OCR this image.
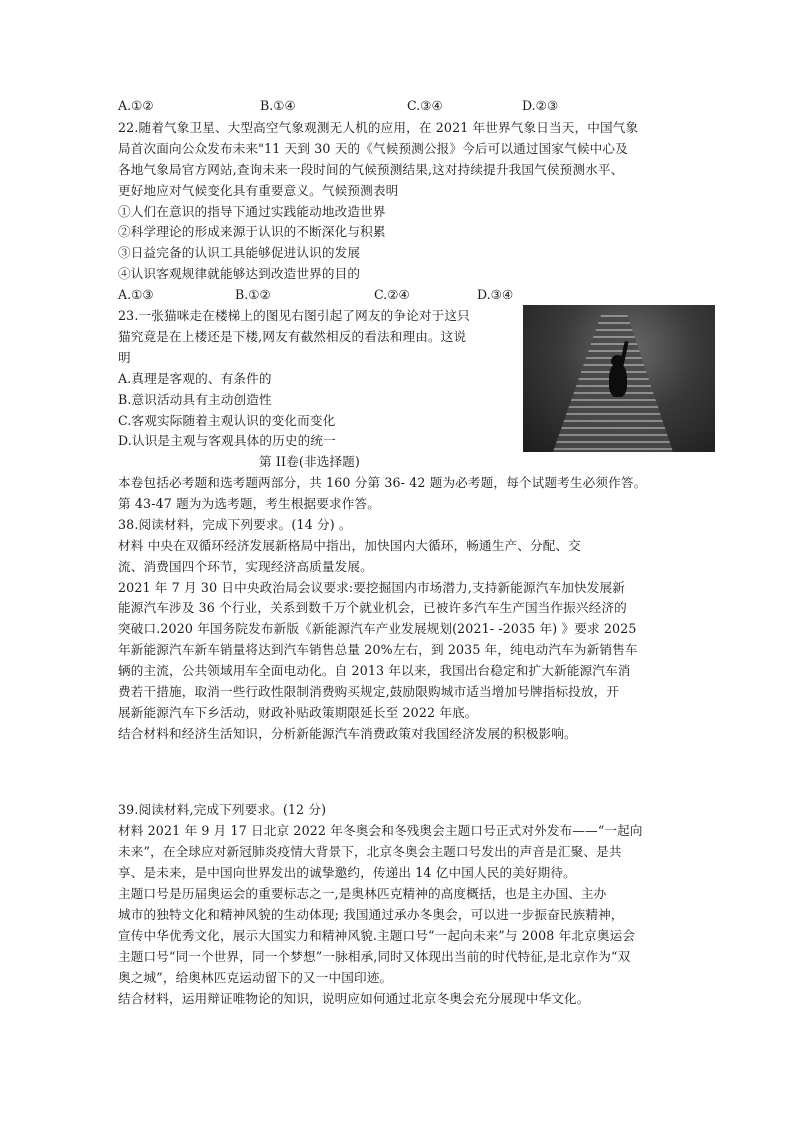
A.①②	B.①④	C.③④	D.②③
22.随着气象卫星、大型高空气象观测无人机的应用，在 2021 年世界气象日当天，中国气象
局首次面向公众发布未来"11 天到 30 天的《气候预测公报》今后可以通过国家气候中心及
各地气象局官方网站,查询未来一段时间的气候预测结果,这对持续提升我国气侯预测水平、
更好地应对气候变化具有重要意义。气候预测表明
①人们在意识的指导下通过实践能动地改造世界
②科学理论的形成来源于认识的不断深化与积累
③日益完备的认识工具能够促进认识的发展
④认识客观规律就能够达到改造世界的目的
A.①③	B.①②	C.②④	D.③④
23.一张猫咪走在楼梯上的图见右图引起了网友的争论对于这只
猫究竟是在上楼还是下楼,网友有截然相反的看法和理由。这说
明
A.真理是客观的、有条件的
B.意识活动具有主动创造性
C.客观实际随着主观认识的变化而变化
D.认识是主观与客观具体的历史的统一
第 II卷(非选择题)
本卷包括必考题和选考题两部分，共 160 分第 36- 42 题为必考题，每个试题考生必须作答。
第 43-47 题为为选考题，考生根据要求作答。
38.阅读材料，完成下列要求。(14 分) 。
材料 中央在双循环经济发展新格局中指出，加快国内大循环，畅通生产、分配、交
流、消费国四个环节，实现经济高质量发展。
2021 年 7 月 30 日中央政治局会议要求:要挖掘国内市场潜力,支持新能源汽车加快发展新
能源汽车涉及 36 个行业，关系到数千万个就业机会，已被许多汽车生产国当作振兴经济的
突破口.2020 年国务院发布新版《新能源汽车产业发展规划(2021- -2035 年) 》要求 2025
年新能源汽车新车销量将达到汽车销售总量 20%左右，到 2035 年，纯电动汽车为新销售车
辆的主流，公共领域用车全面电动化。自 2013 年以来，我国出台稳定和扩大新能源汽车消
费若干措施，取消一些行政性限制消费购买规定,鼓励限购城市适当增加号牌指标投放，开
展新能源汽车下乡活动，财政补贴政策期限延长至 2022 年底。
结合材料和经济生活知识，分析新能源汽车消费政策对我国经济发展的积极影响。
39.阅读材料,完成下列要求。(12 分)
材料 2021 年 9 月 17 日北京 2022 年冬奥会和冬残奥会主题口号正式对外发布——“一起向
未来”，在全球应对新冠肺炎疫情大背景下，北京冬奥会主题口号发出的声音是汇聚、是共
享、是未来，是中国向世界发出的诚挚邀约，传递出 14 亿中国人民的美好期待。
主题口号是历届奥运会的重要标志之一,是奥林匹克精神的高度概括，也是主办国、主办
城市的独特文化和精神风貌的生动体现; 我国通过承办冬奥会，可以进一步振奋民族精神，
宣传中华优秀文化，展示大国实力和精神风貌.主题口号“一起向未来”与 2008 年北京奥运会
主题口号“同一个世界，同一个梦想”一脉相承,同时又体现出当前的时代特征,是北京作为“双
奥之城”，给奥林匹克运动留下的又一中国印迹。
结合材料，运用辩证唯物论的知识，说明应如何通过北京冬奥会充分展现中华文化。
